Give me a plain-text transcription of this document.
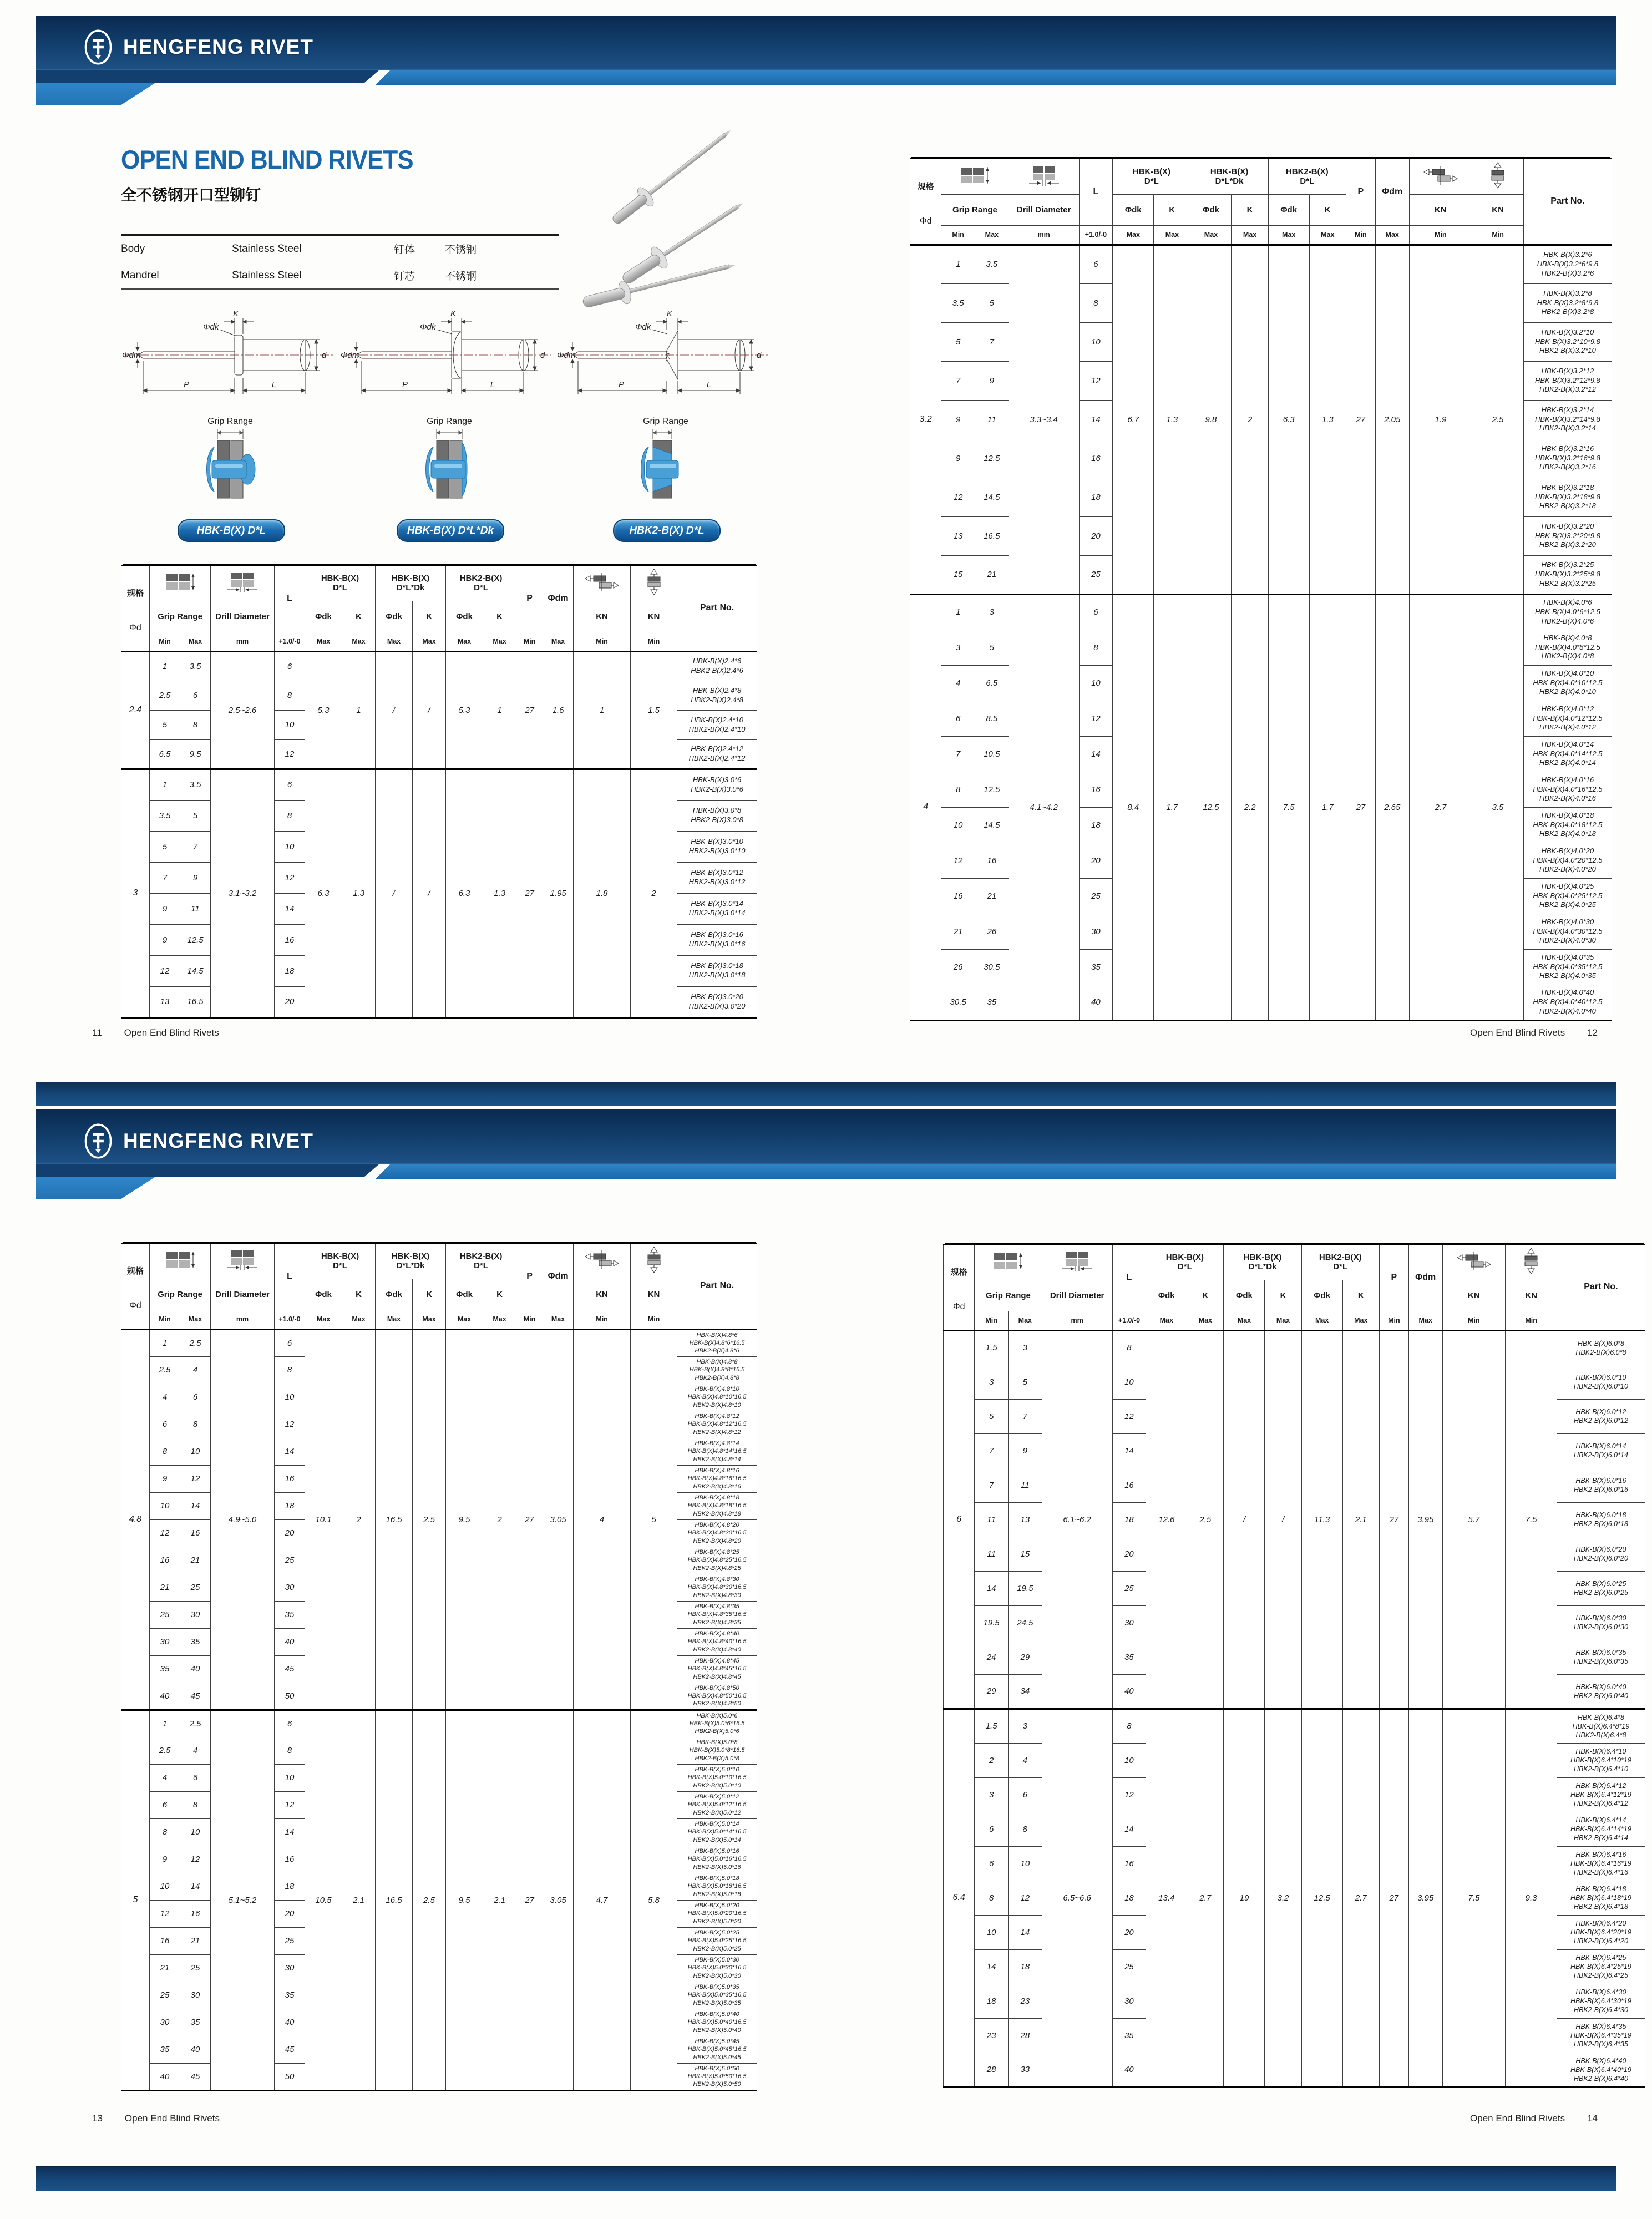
HENGFENG RIVET
OPEN END BLIND RIVETS
全不锈钢开口型铆钉
Body	Stainless Steel	钉体	不锈钢
Mandrel	Stainless Steel	钉芯	不锈钢
K
Φdk
Φdm	d
P	L
K
Φdk
Φdm	d
P	L
K
Φdk
120°
Φdm	d
P	L
Grip Range	Grip Range	Grip Range
HBK-B(X) D*L	HBK-B(X) D*L*Dk	HBK2-B(X) D*L
规格
Φd
			L	HBK-B(X)
D*L	HBK-B(X)
D*L*Dk	HBK2-B(X)
D*L	P	Φdm			Part No.
	Grip Range		Drill Diameter		Φdk	K	Φdk	K	Φdk	K			KN	KN	
	Min	Max	mm	+1.0/-0	Max	Max	Max	Max	Max	Max	Min	Max	Min	Min	
2.4	1	3.5	2.5~2.6	6	5.3	1	/	/	5.3	1	27	1.6	1	1.5	HBK-B(X)2.4*6
HBK2-B(X)2.4*6

	2.5	6		8											HBK-B(X)2.4*8
HBK2-B(X)2.4*8

	5	8		10											HBK-B(X)2.4*10
HBK2-B(X)2.4*10

	6.5	9.5		12											HBK-B(X)2.4*12
HBK2-B(X)2.4*12

3	1	3.5	3.1~3.2	6	6.3	1.3	/	/	6.3	1.3	27	1.95	1.8	2	HBK-B(X)3.0*6
HBK2-B(X)3.0*6

	3.5	5		8											HBK-B(X)3.0*8
HBK2-B(X)3.0*8

	5	7		10											HBK-B(X)3.0*10
HBK2-B(X)3.0*10

	7	9		12											HBK-B(X)3.0*12
HBK2-B(X)3.0*12

	9	11		14											HBK-B(X)3.0*14
HBK2-B(X)3.0*14

	9	12.5		16											HBK-B(X)3.0*16
HBK2-B(X)3.0*16

	12	14.5		18											HBK-B(X)3.0*18
HBK2-B(X)3.0*18

	13	16.5		20											HBK-B(X)3.0*20
HBK2-B(X)3.0*20
规格
Φd
			L	HBK-B(X)
D*L	HBK-B(X)
D*L*Dk	HBK2-B(X)
D*L	P	Φdm			Part No.
	Grip Range		Drill Diameter		Φdk	K	Φdk	K	Φdk	K			KN	KN	
	Min	Max	mm	+1.0/-0	Max	Max	Max	Max	Max	Max	Min	Max	Min	Min	
3.2	1	3.5	3.3~3.4	6	6.7	1.3	9.8	2	6.3	1.3	27	2.05	1.9	2.5	HBK-B(X)3.2*6
HBK-B(X)3.2*6*9.8
HBK2-B(X)3.2*6

	3.5	5		8											HBK-B(X)3.2*8
HBK-B(X)3.2*8*9.8
HBK2-B(X)3.2*8

	5	7		10											HBK-B(X)3.2*10
HBK-B(X)3.2*10*9.8
HBK2-B(X)3.2*10

	7	9		12											HBK-B(X)3.2*12
HBK-B(X)3.2*12*9.8
HBK2-B(X)3.2*12

	9	11		14											HBK-B(X)3.2*14
HBK-B(X)3.2*14*9.8
HBK2-B(X)3.2*14

	9	12.5		16											HBK-B(X)3.2*16
HBK-B(X)3.2*16*9.8
HBK2-B(X)3.2*16

	12	14.5		18											HBK-B(X)3.2*18
HBK-B(X)3.2*18*9.8
HBK2-B(X)3.2*18

	13	16.5		20											HBK-B(X)3.2*20
HBK-B(X)3.2*20*9.8
HBK2-B(X)3.2*20

	15	21		25											HBK-B(X)3.2*25
HBK-B(X)3.2*25*9.8
HBK2-B(X)3.2*25

4	1	3	4.1~4.2	6	8.4	1.7	12.5	2.2	7.5	1.7	27	2.65	2.7	3.5	HBK-B(X)4.0*6
HBK-B(X)4.0*6*12.5
HBK2-B(X)4.0*6

	3	5		8											HBK-B(X)4.0*8
HBK-B(X)4.0*8*12.5
HBK2-B(X)4.0*8

	4	6.5		10											HBK-B(X)4.0*10
HBK-B(X)4.0*10*12.5
HBK2-B(X)4.0*10

	6	8.5		12											HBK-B(X)4.0*12
HBK-B(X)4.0*12*12.5
HBK2-B(X)4.0*12

	7	10.5		14											HBK-B(X)4.0*14
HBK-B(X)4.0*14*12.5
HBK2-B(X)4.0*14

	8	12.5		16											HBK-B(X)4.0*16
HBK-B(X)4.0*16*12.5
HBK2-B(X)4.0*16

	10	14.5		18											HBK-B(X)4.0*18
HBK-B(X)4.0*18*12.5
HBK2-B(X)4.0*18

	12	16		20											HBK-B(X)4.0*20
HBK-B(X)4.0*20*12.5
HBK2-B(X)4.0*20

	16	21		25											HBK-B(X)4.0*25
HBK-B(X)4.0*25*12.5
HBK2-B(X)4.0*25

	21	26		30											HBK-B(X)4.0*30
HBK-B(X)4.0*30*12.5
HBK2-B(X)4.0*30

	26	30.5		35											HBK-B(X)4.0*35
HBK-B(X)4.0*35*12.5
HBK2-B(X)4.0*35

	30.5	35		40											HBK-B(X)4.0*40
HBK-B(X)4.0*40*12.5
HBK2-B(X)4.0*40
11 Open End Blind Rivets	Open End Blind Rivets 12
HENGFENG RIVET
规格
Φd
			L	HBK-B(X)
D*L	HBK-B(X)
D*L*Dk	HBK2-B(X)
D*L	P	Φdm			Part No.
	Grip Range		Drill Diameter		Φdk	K	Φdk	K	Φdk	K			KN	KN	
	Min	Max	mm	+1.0/-0	Max	Max	Max	Max	Max	Max	Min	Max	Min	Min	
4.8	1	2.5	4.9~5.0	6	10.1	2	16.5	2.5	9.5	2	27	3.05	4	5	HBK-B(X)4.8*6
HBK-B(X)4.8*6*16.5
HBK2-B(X)4.8*6

	2.5	4		8											HBK-B(X)4.8*8
HBK-B(X)4.8*8*16.5
HBK2-B(X)4.8*8

	4	6		10											HBK-B(X)4.8*10
HBK-B(X)4.8*10*16.5
HBK2-B(X)4.8*10

	6	8		12											HBK-B(X)4.8*12
HBK-B(X)4.8*12*16.5
HBK2-B(X)4.8*12

	8	10		14											HBK-B(X)4.8*14
HBK-B(X)4.8*14*16.5
HBK2-B(X)4.8*14

	9	12		16											HBK-B(X)4.8*16
HBK-B(X)4.8*16*16.5
HBK2-B(X)4.8*16

	10	14		18											HBK-B(X)4.8*18
HBK-B(X)4.8*18*16.5
HBK2-B(X)4.8*18

	12	16		20											HBK-B(X)4.8*20
HBK-B(X)4.8*20*16.5
HBK2-B(X)4.8*20

	16	21		25											HBK-B(X)4.8*25
HBK-B(X)4.8*25*16.5
HBK2-B(X)4.8*25

	21	25		30											HBK-B(X)4.8*30
HBK-B(X)4.8*30*16.5
HBK2-B(X)4.8*30

	25	30		35											HBK-B(X)4.8*35
HBK-B(X)4.8*35*16.5
HBK2-B(X)4.8*35

	30	35		40											HBK-B(X)4.8*40
HBK-B(X)4.8*40*16.5
HBK2-B(X)4.8*40

	35	40		45											HBK-B(X)4.8*45
HBK-B(X)4.8*45*16.5
HBK2-B(X)4.8*45

	40	45		50											HBK-B(X)4.8*50
HBK-B(X)4.8*50*16.5
HBK2-B(X)4.8*50

5	1	2.5	5.1~5.2	6	10.5	2.1	16.5	2.5	9.5	2.1	27	3.05	4.7	5.8	HBK-B(X)5.0*6
HBK-B(X)5.0*6*16.5
HBK2-B(X)5.0*6

	2.5	4		8											HBK-B(X)5.0*8
HBK-B(X)5.0*8*16.5
HBK2-B(X)5.0*8

	4	6		10											HBK-B(X)5.0*10
HBK-B(X)5.0*10*16.5
HBK2-B(X)5.0*10

	6	8		12											HBK-B(X)5.0*12
HBK-B(X)5.0*12*16.5
HBK2-B(X)5.0*12

	8	10		14											HBK-B(X)5.0*14
HBK-B(X)5.0*14*16.5
HBK2-B(X)5.0*14

	9	12		16											HBK-B(X)5.0*16
HBK-B(X)5.0*16*16.5
HBK2-B(X)5.0*16

	10	14		18											HBK-B(X)5.0*18
HBK-B(X)5.0*18*16.5
HBK2-B(X)5.0*18

	12	16		20											HBK-B(X)5.0*20
HBK-B(X)5.0*20*16.5
HBK2-B(X)5.0*20

	16	21		25											HBK-B(X)5.0*25
HBK-B(X)5.0*25*16.5
HBK2-B(X)5.0*25

	21	25		30											HBK-B(X)5.0*30
HBK-B(X)5.0*30*16.5
HBK2-B(X)5.0*30

	25	30		35											HBK-B(X)5.0*35
HBK-B(X)5.0*35*16.5
HBK2-B(X)5.0*35

	30	35		40											HBK-B(X)5.0*40
HBK-B(X)5.0*40*16.5
HBK2-B(X)5.0*40

	35	40		45											HBK-B(X)5.0*45
HBK-B(X)5.0*45*16.5
HBK2-B(X)5.0*45

	40	45		50											HBK-B(X)5.0*50
HBK-B(X)5.0*50*16.5
HBK2-B(X)5.0*50
规格
Φd
			L	HBK-B(X)
D*L	HBK-B(X)
D*L*Dk	HBK2-B(X)
D*L	P	Φdm			Part No.
	Grip Range		Drill Diameter		Φdk	K	Φdk	K	Φdk	K			KN	KN	
	Min	Max	mm	+1.0/-0	Max	Max	Max	Max	Max	Max	Min	Max	Min	Min	
6	1.5	3	6.1~6.2	8	12.6	2.5	/	/	11.3	2.1	27	3.95	5.7	7.5	HBK-B(X)6.0*8
HBK2-B(X)6.0*8

	3	5		10											HBK-B(X)6.0*10
HBK2-B(X)6.0*10

	5	7		12											HBK-B(X)6.0*12
HBK2-B(X)6.0*12

	7	9		14											HBK-B(X)6.0*14
HBK2-B(X)6.0*14

	7	11		16											HBK-B(X)6.0*16
HBK2-B(X)6.0*16

	11	13		18											HBK-B(X)6.0*18
HBK2-B(X)6.0*18

	11	15		20											HBK-B(X)6.0*20
HBK2-B(X)6.0*20

	14	19.5		25											HBK-B(X)6.0*25
HBK2-B(X)6.0*25

	19.5	24.5		30											HBK-B(X)6.0*30
HBK2-B(X)6.0*30

	24	29		35											HBK-B(X)6.0*35
HBK2-B(X)6.0*35

	29	34		40											HBK-B(X)6.0*40
HBK2-B(X)6.0*40

6.4	1.5	3	6.5~6.6	8	13.4	2.7	19	3.2	12.5	2.7	27	3.95	7.5	9.3	HBK-B(X)6.4*8
HBK-B(X)6.4*8*19
HBK2-B(X)6.4*8

	2	4		10											HBK-B(X)6.4*10
HBK-B(X)6.4*10*19
HBK2-B(X)6.4*10

	3	6		12											HBK-B(X)6.4*12
HBK-B(X)6.4*12*19
HBK2-B(X)6.4*12

	6	8		14											HBK-B(X)6.4*14
HBK-B(X)6.4*14*19
HBK2-B(X)6.4*14

	6	10		16											HBK-B(X)6.4*16
HBK-B(X)6.4*16*19
HBK2-B(X)6.4*16

	8	12		18											HBK-B(X)6.4*18
HBK-B(X)6.4*18*19
HBK2-B(X)6.4*18

	10	14		20											HBK-B(X)6.4*20
HBK-B(X)6.4*20*19
HBK2-B(X)6.4*20

	14	18		25											HBK-B(X)6.4*25
HBK-B(X)6.4*25*19
HBK2-B(X)6.4*25

	18	23		30											HBK-B(X)6.4*30
HBK-B(X)6.4*30*19
HBK2-B(X)6.4*30

	23	28		35											HBK-B(X)6.4*35
HBK-B(X)6.4*35*19
HBK2-B(X)6.4*35

	28	33		40											HBK-B(X)6.4*40
HBK-B(X)6.4*40*19
HBK2-B(X)6.4*40
13 Open End Blind Rivets	Open End Blind Rivets 14
